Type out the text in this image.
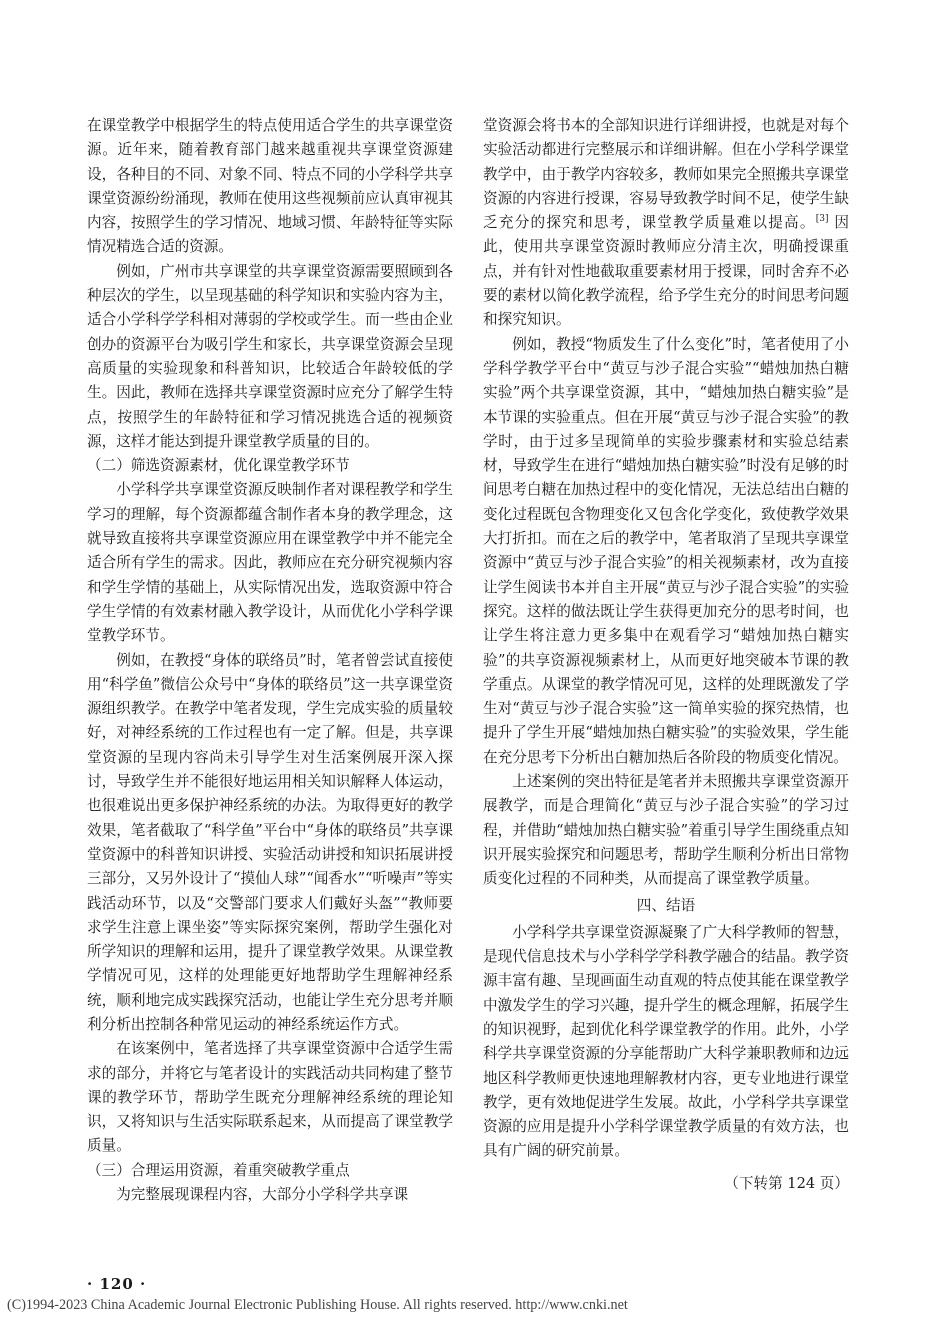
在课堂教学中根据学生的特点使用适合学生的共享课堂资源。近年来，随着教育部门越来越重视共享课堂资源建设，各种目的不同、对象不同、特点不同的小学科学共享课堂资源纷纷涌现，教师在使用这些视频前应认真审视其内容，按照学生的学习情况、地域习惯、年龄特征等实际情况精选合适的资源。

例如，广州市共享课堂的共享课堂资源需要照顾到各种层次的学生，以呈现基础的科学知识和实验内容为主，适合小学科学学科相对薄弱的学校或学生。而一些由企业创办的资源平台为吸引学生和家长，共享课堂资源会呈现高质量的实验现象和科普知识，比较适合年龄较低的学生。因此，教师在选择共享课堂资源时应充分了解学生特点，按照学生的年龄特征和学习情况挑选合适的视频资源，这样才能达到提升课堂教学质量的目的。

（二）筛选资源素材，优化课堂教学环节

小学科学共享课堂资源反映制作者对课程教学和学生学习的理解，每个资源都蕴含制作者本身的教学理念，这就导致直接将共享课堂资源应用在课堂教学中并不能完全适合所有学生的需求。因此，教师应在充分研究视频内容和学生学情的基础上，从实际情况出发，选取资源中符合学生学情的有效素材融入教学设计，从而优化小学科学课堂教学环节。

例如，在教授“身体的联络员”时，笔者曾尝试直接使用“科学鱼”微信公众号中“身体的联络员”这一共享课堂资源组织教学。在教学中笔者发现，学生完成实验的质量较好，对神经系统的工作过程也有一定了解。但是，共享课堂资源的呈现内容尚未引导学生对生活案例展开深入探讨，导致学生并不能很好地运用相关知识解释人体运动，也很难说出更多保护神经系统的办法。为取得更好的教学效果，笔者截取了“科学鱼”平台中“身体的联络员”共享课堂资源中的科普知识讲授、实验活动讲授和知识拓展讲授三部分，又另外设计了“摸仙人球”“闻香水”“听噪声”等实践活动环节，以及“交警部门要求人们戴好头盔”“教师要求学生注意上课坐姿”等实际探究案例，帮助学生强化对所学知识的理解和运用，提升了课堂教学效果。从课堂教学情况可见，这样的处理能更好地帮助学生理解神经系统，顺利地完成实践探究活动，也能让学生充分思考并顺利分析出控制各种常见运动的神经系统运作方式。

在该案例中，笔者选择了共享课堂资源中合适学生需求的部分，并将它与笔者设计的实践活动共同构建了整节课的教学环节，帮助学生既充分理解神经系统的理论知识，又将知识与生活实际联系起来，从而提高了课堂教学质量。

（三）合理运用资源，着重突破教学重点

为完整展现课程内容，大部分小学科学共享课

堂资源会将书本的全部知识进行详细讲授，也就是对每个实验活动都进行完整展示和详细讲解。但在小学科学课堂教学中，由于教学内容较多，教师如果完全照搬共享课堂资源的内容进行授课，容易导致教学时间不足，使学生缺乏充分的探究和思考，课堂教学质量难以提高。[3] 因此，使用共享课堂资源时教师应分清主次，明确授课重点，并有针对性地截取重要素材用于授课，同时舍弃不必要的素材以简化教学流程，给予学生充分的时间思考问题和探究知识。

例如，教授“物质发生了什么变化”时，笔者使用了小学科学教学平台中“黄豆与沙子混合实验”“蜡烛加热白糖实验”两个共享课堂资源，其中，“蜡烛加热白糖实验”是本节课的实验重点。但在开展“黄豆与沙子混合实验”的教学时，由于过多呈现简单的实验步骤素材和实验总结素材，导致学生在进行“蜡烛加热白糖实验”时没有足够的时间思考白糖在加热过程中的变化情况，无法总结出白糖的变化过程既包含物理变化又包含化学变化，致使教学效果大打折扣。而在之后的教学中，笔者取消了呈现共享课堂资源中“黄豆与沙子混合实验”的相关视频素材，改为直接让学生阅读书本并自主开展“黄豆与沙子混合实验”的实验探究。这样的做法既让学生获得更加充分的思考时间，也让学生将注意力更多集中在观看学习“蜡烛加热白糖实验”的共享资源视频素材上，从而更好地突破本节课的教学重点。从课堂的教学情况可见，这样的处理既激发了学生对“黄豆与沙子混合实验”这一简单实验的探究热情，也提升了学生开展“蜡烛加热白糖实验”的实验效果，学生能在充分思考下分析出白糖加热后各阶段的物质变化情况。

上述案例的突出特征是笔者并未照搬共享课堂资源开展教学，而是合理简化“黄豆与沙子混合实验”的学习过程，并借助“蜡烛加热白糖实验”着重引导学生围绕重点知识开展实验探究和问题思考，帮助学生顺利分析出日常物质变化过程的不同种类，从而提高了课堂教学质量。

四、结语

小学科学共享课堂资源凝聚了广大科学教师的智慧，是现代信息技术与小学科学学科教学融合的结晶。教学资源丰富有趣、呈现画面生动直观的特点使其能在课堂教学中激发学生的学习兴趣，提升学生的概念理解，拓展学生的知识视野，起到优化科学课堂教学的作用。此外，小学科学共享课堂资源的分享能帮助广大科学兼职教师和边远地区科学教师更快速地理解教材内容，更专业地进行课堂教学，更有效地促进学生发展。故此，小学科学共享课堂资源的应用是提升小学科学课堂教学质量的有效方法，也具有广阔的研究前景。

（下转第 124 页）

· 120 ·
(C)1994-2023 China Academic Journal Electronic Publishing House. All rights reserved. http://www.cnki.net
